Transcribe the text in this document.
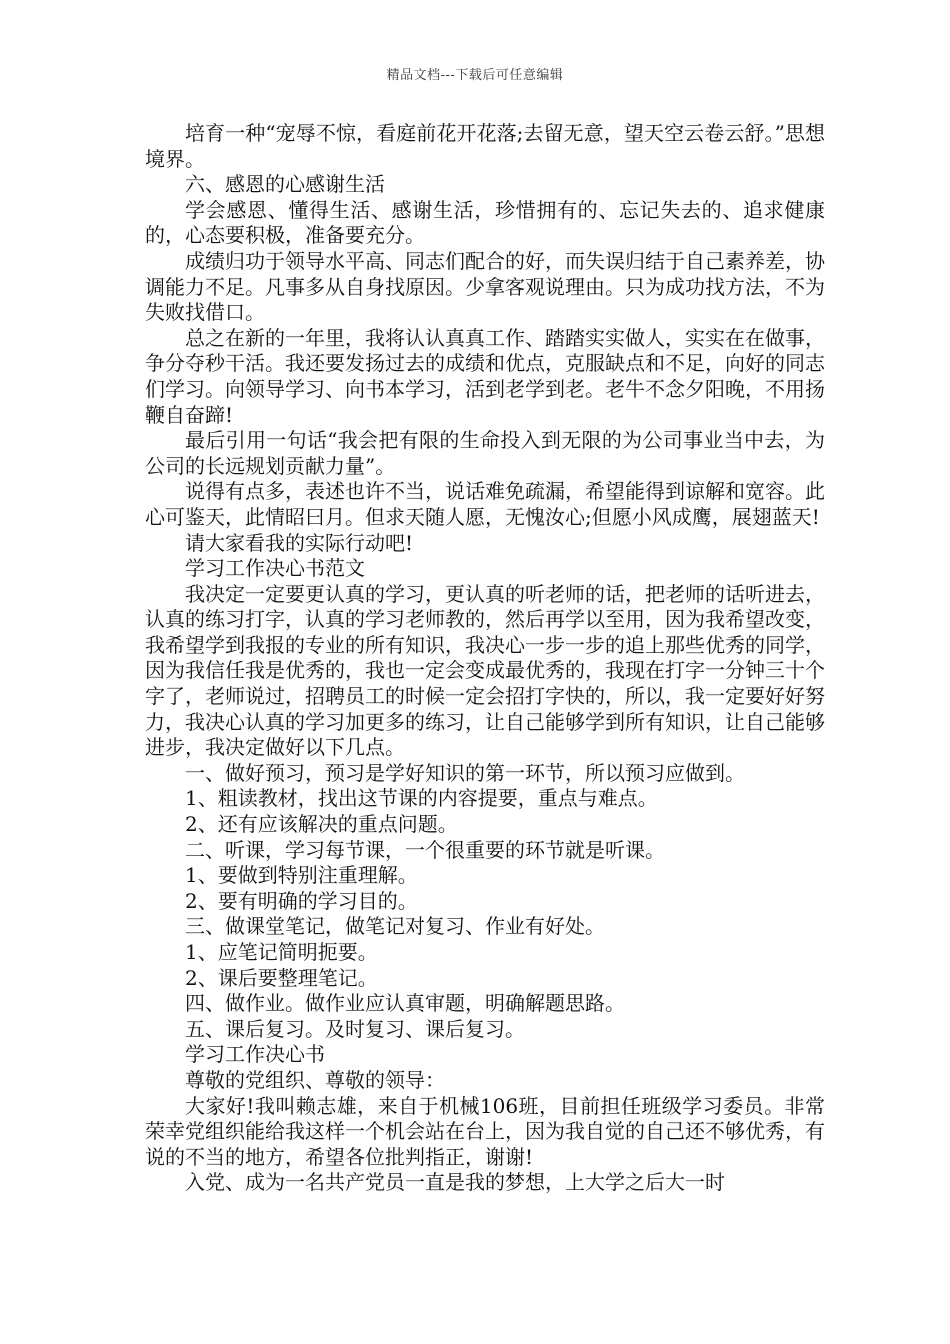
精品文档---下载后可任意编辑

培育一种“宠辱不惊，看庭前花开花落;去留无意，望天空云卷云舒。”思想境界。

六、感恩的心感谢生活

学会感恩、懂得生活、感谢生活，珍惜拥有的、忘记失去的、追求健康的，心态要积极，准备要充分。

成绩归功于领导水平高、同志们配合的好，而失误归结于自己素养差，协调能力不足。凡事多从自身找原因。少拿客观说理由。只为成功找方法，不为失败找借口。

总之在新的一年里，我将认认真真工作、踏踏实实做人，实实在在做事，争分夺秒干活。我还要发扬过去的成绩和优点，克服缺点和不足，向好的同志们学习。向领导学习、向书本学习，活到老学到老。老牛不念夕阳晚，不用扬鞭自奋蹄!

最后引用一句话“我会把有限的生命投入到无限的为公司事业当中去，为公司的长远规划贡献力量”。

说得有点多，表述也许不当，说话难免疏漏，希望能得到谅解和宽容。此心可鉴天，此情昭曰月。但求天随人愿，无愧汝心;但愿小风成鹰，展翅蓝天!

请大家看我的实际行动吧!

学习工作决心书范文

我决定一定要更认真的学习，更认真的听老师的话，把老师的话听进去，认真的练习打字，认真的学习老师教的，然后再学以至用，因为我希望改变，我希望学到我报的专业的所有知识，我决心一步一步的追上那些优秀的同学，因为我信任我是优秀的，我也一定会变成最优秀的，我现在打字一分钟三十个字了，老师说过，招聘员工的时候一定会招打字快的，所以，我一定要好好努力，我决心认真的学习加更多的练习，让自己能够学到所有知识，让自己能够进步，我决定做好以下几点。

一、做好预习，预习是学好知识的第一环节，所以预习应做到。

1、粗读教材，找出这节课的内容提要，重点与难点。

2、还有应该解决的重点问题。

二、听课，学习每节课，一个很重要的环节就是听课。

1、要做到特别注重理解。

2、要有明确的学习目的。

三、做课堂笔记，做笔记对复习、作业有好处。

1、应笔记简明扼要。

2、课后要整理笔记。

四、做作业。做作业应认真审题，明确解题思路。

五、课后复习。及时复习、课后复习。

学习工作决心书

尊敬的党组织、尊敬的领导：

大家好!我叫赖志雄，来自于机械106班，目前担任班级学习委员。非常荣幸党组织能给我这样一个机会站在台上，因为我自觉的自己还不够优秀，有说的不当的地方，希望各位批判指正，谢谢!

入党、成为一名共产党员一直是我的梦想，上大学之后大一时
